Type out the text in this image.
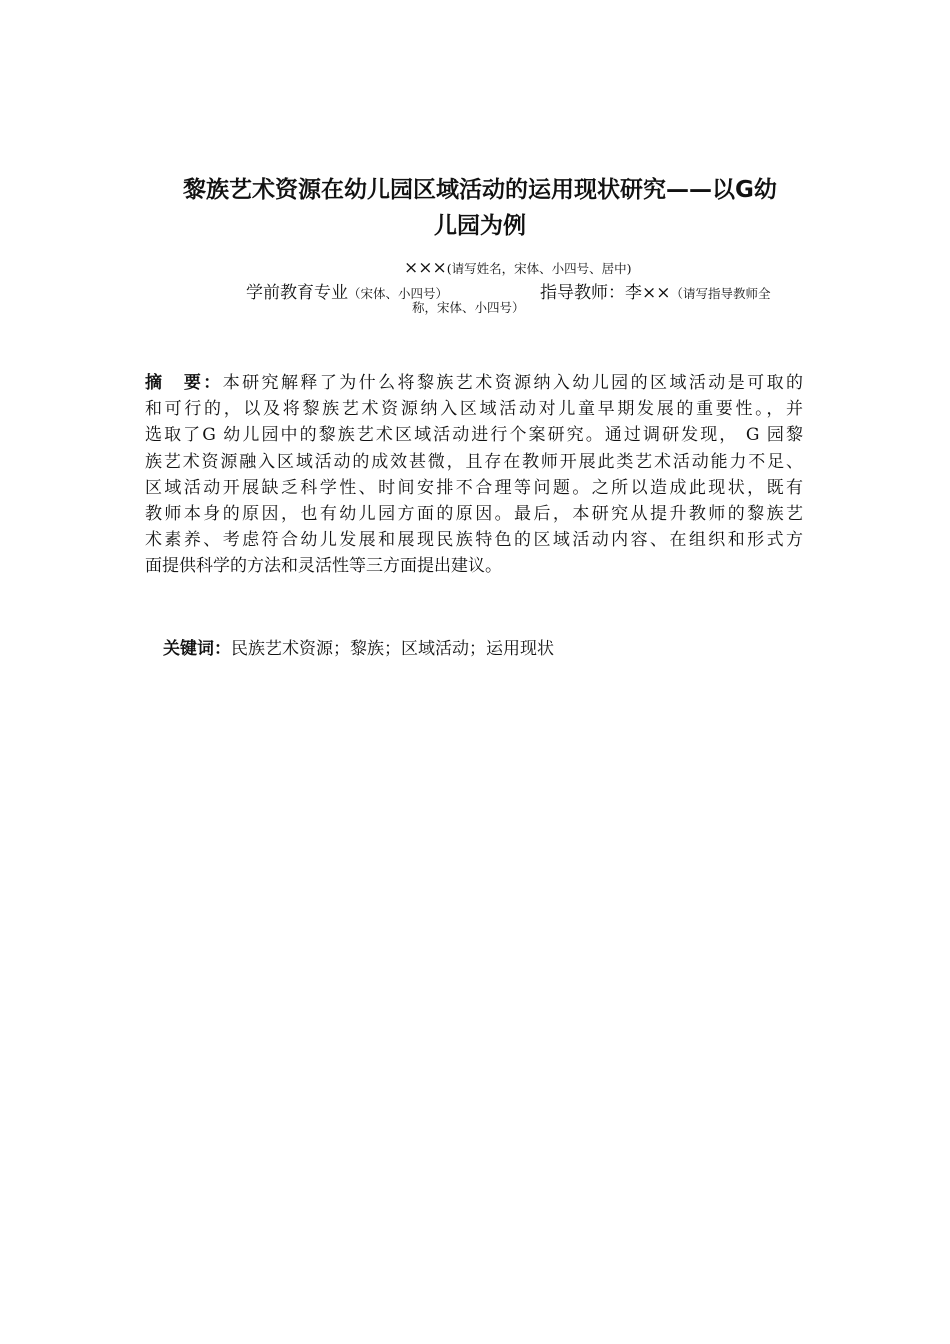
黎族艺术资源在幼儿园区域活动的运用现状研究——以G幼
儿园为例
×××(请写姓名，宋体、小四号、居中)
学前教育专业（宋体、小四号）	指导教师：李××（请写指导教师全
称，宋体、小四号）
摘　要：本研究解释了为什么将黎族艺术资源纳入幼儿园的区域活动是可取的
和可行的，以及将黎族艺术资源纳入区域活动对儿童早期发展的重要性。，并
选取了G 幼儿园中的黎族艺术区域活动进行个案研究。通过调研发现， G 园黎
族艺术资源融入区域活动的成效甚微，且存在教师开展此类艺术活动能力不足、
区域活动开展缺乏科学性、时间安排不合理等问题。之所以造成此现状，既有
教师本身的原因，也有幼儿园方面的原因。最后，本研究从提升教师的黎族艺
术素养、考虑符合幼儿发展和展现民族特色的区域活动内容、在组织和形式方
面提供科学的方法和灵活性等三方面提出建议。
关键词：民族艺术资源；黎族；区域活动；运用现状
